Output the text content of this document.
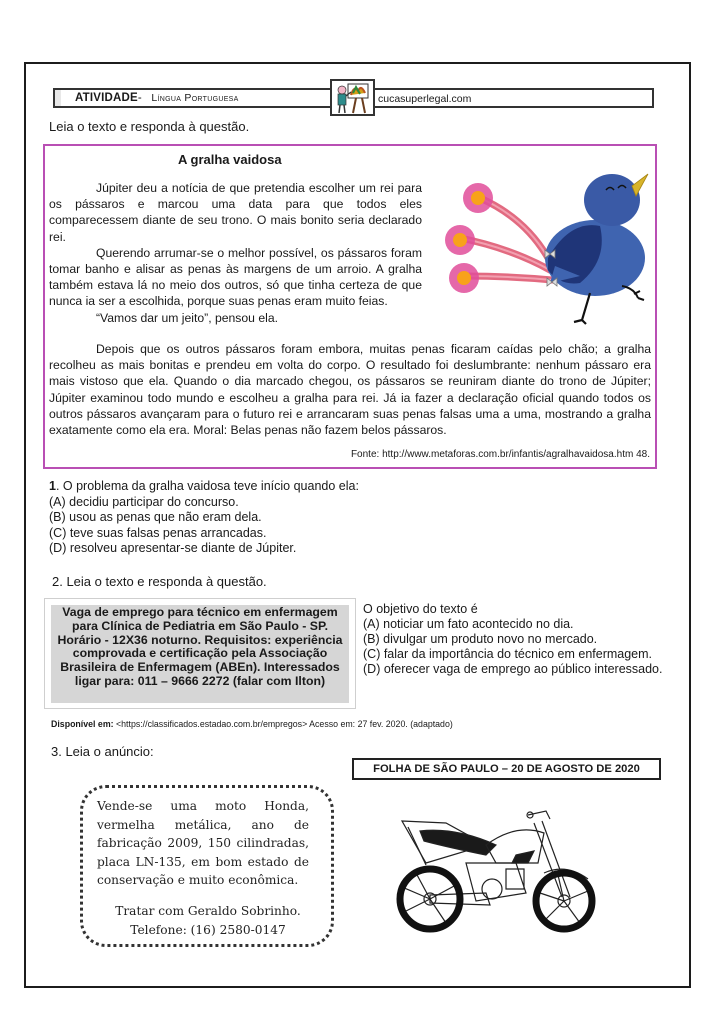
ATIVIDADE- Língua Portuguesa	cucasuperlegal.com
Leia o texto e responda à questão.
A gralha vaidosa

Júpiter deu a notícia de que pretendia escolher um rei para os pássaros e marcou uma data para que todos eles comparecessem diante de seu trono. O mais bonito seria declarado rei.

Querendo arrumar-se o melhor possível, os pássaros foram tomar banho e alisar as penas às margens de um arroio. A gralha também estava lá no meio dos outros, só que tinha certeza de que nunca ia ser a escolhida, porque suas penas eram muito feias.

“Vamos dar um jeito”, pensou ela.

Depois que os outros pássaros foram embora, muitas penas ficaram caídas pelo chão; a gralha recolheu as mais bonitas e prendeu em volta do corpo. O resultado foi deslumbrante: nenhum pássaro era mais vistoso que ela. Quando o dia marcado chegou, os pássaros se reuniram diante do trono de Júpiter; Júpiter examinou todo mundo e escolheu a gralha para rei. Já ia fazer a declaração oficial quando todos os outros pássaros avançaram para o futuro rei e arrancaram suas penas falsas uma a uma, mostrando a gralha exatamente como ela era. Moral: Belas penas não fazem belos pássaros.

Fonte: http://www.metaforas.com.br/infantis/agralhavaidosa.htm 48.
1. O problema da gralha vaidosa teve início quando ela:
(A) decidiu participar do concurso.
(B) usou as penas que não eram dela.
(C) teve suas falsas penas arrancadas.
(D) resolveu apresentar-se diante de Júpiter.
2. Leia o texto e responda à questão.
Vaga de emprego para técnico em enfermagem para Clínica de Pediatria em São Paulo - SP. Horário - 12X36 noturno. Requisitos: experiência comprovada e certificação pela Associação Brasileira de Enfermagem (ABEn). Interessados ligar para: 011 – 9666 2272 (falar com Ilton)
O objetivo do texto é
(A) noticiar um fato acontecido no dia.
(B) divulgar um produto novo no mercado.
(C) falar da importância do técnico em enfermagem.
(D) oferecer vaga de emprego ao público interessado.
Disponível em: <https://classificados.estadao.com.br/empregos> Acesso em: 27 fev. 2020. (adaptado)
3. Leia o anúncio:
FOLHA DE SÃO PAULO – 20 DE AGOSTO DE 2020
Vende-se uma moto Honda,
vermelha metálica, ano de
fabricação 2009, 150 cilindradas,
placa LN-135, em bom estado de
conservação e muito econômica.
Tratar com Geraldo Sobrinho.
Telefone: (16) 2580-0147
